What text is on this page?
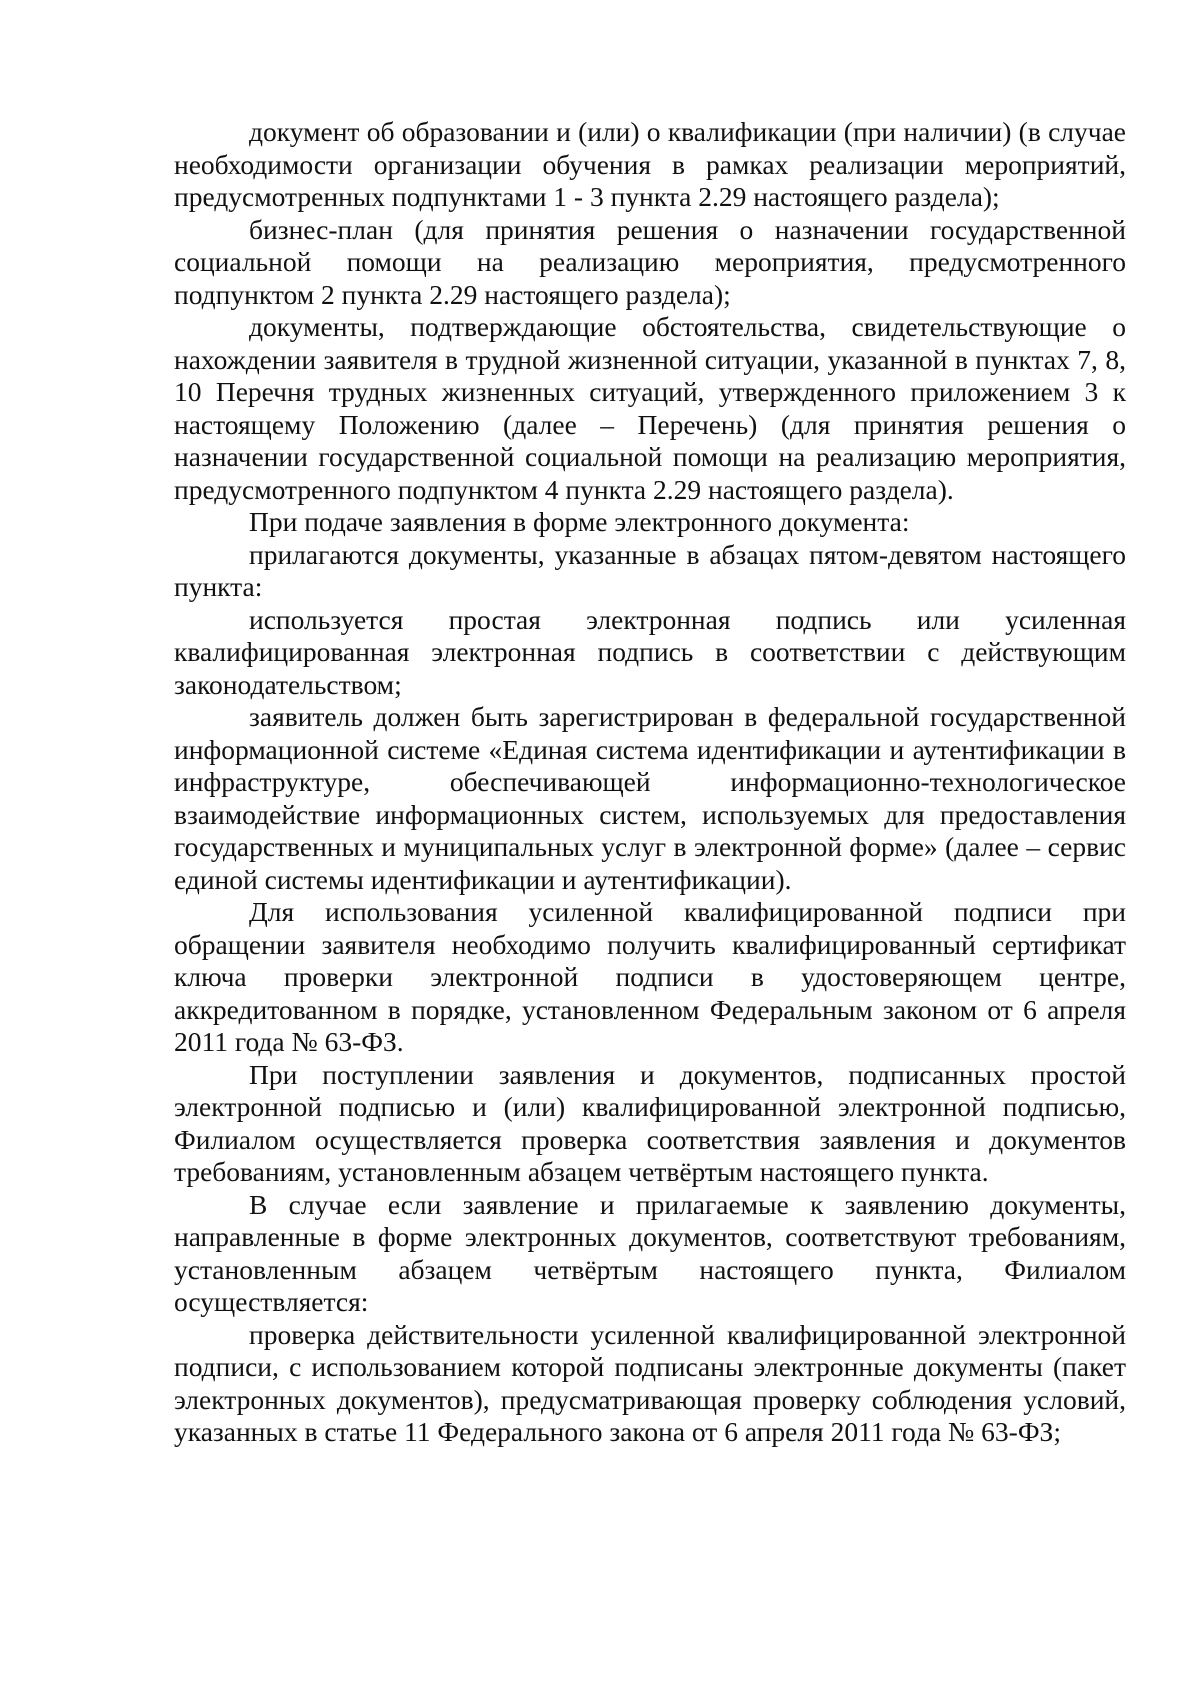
документ об образовании и (или) о квалификации (при наличии) (в случае необходимости организации обучения в рамках реализации мероприятий, предусмотренных подпунктами 1 - 3 пункта 2.29 настоящего раздела);

бизнес-план (для принятия решения о назначении государственной социальной помощи на реализацию мероприятия, предусмотренного подпунктом 2 пункта 2.29 настоящего раздела);

документы, подтверждающие обстоятельства, свидетельствующие о нахождении заявителя в трудной жизненной ситуации, указанной в пунктах 7, 8, 10 Перечня трудных жизненных ситуаций, утвержденного приложением 3 к настоящему Положению (далее – Перечень) (для принятия решения о назначении государственной социальной помощи на реализацию мероприятия, предусмотренного подпунктом 4 пункта 2.29 настоящего раздела).

При подаче заявления в форме электронного документа:

прилагаются документы, указанные в абзацах пятом-девятом настоящего пункта:

используется простая электронная подпись или усиленная квалифицированная электронная подпись в соответствии с действующим законодательством;

заявитель должен быть зарегистрирован в федеральной государственной информационной системе «Единая система идентификации и аутентификации в инфраструктуре, обеспечивающей информационно-технологическое взаимодействие информационных систем, используемых для предоставления государственных и муниципальных услуг в электронной форме» (далее – сервис единой системы идентификации и аутентификации).

Для использования усиленной квалифицированной подписи при обращении заявителя необходимо получить квалифицированный сертификат ключа проверки электронной подписи в удостоверяющем центре, аккредитованном в порядке, установленном Федеральным законом от 6 апреля 2011 года № 63-ФЗ.

При поступлении заявления и документов, подписанных простой электронной подписью и (или) квалифицированной электронной подписью, Филиалом осуществляется проверка соответствия заявления и документов требованиям, установленным абзацем четвёртым настоящего пункта.

В случае если заявление и прилагаемые к заявлению документы, направленные в форме электронных документов, соответствуют требованиям, установленным абзацем четвёртым настоящего пункта, Филиалом осуществляется:

проверка действительности усиленной квалифицированной электронной подписи, с использованием которой подписаны электронные документы (пакет электронных документов), предусматривающая проверку соблюдения условий, указанных в статье 11 Федерального закона от 6 апреля 2011 года № 63-ФЗ;
